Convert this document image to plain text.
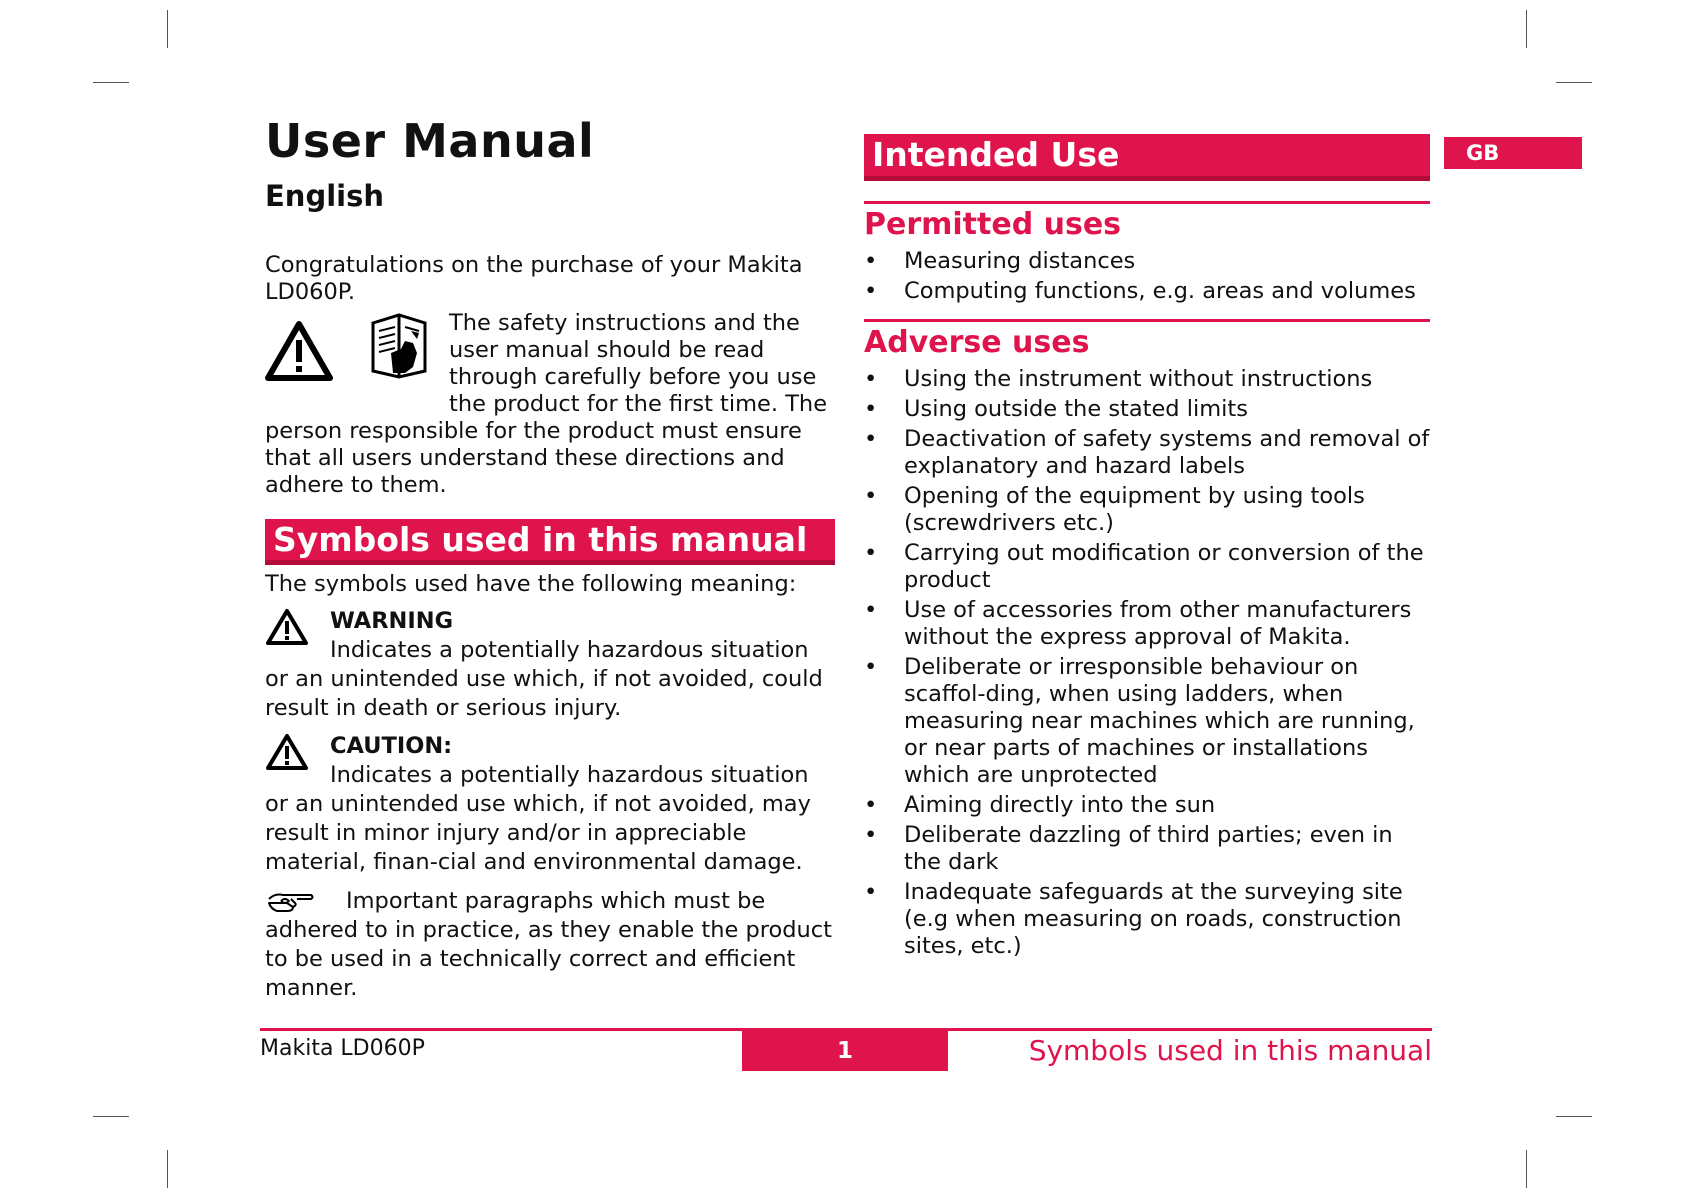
User Manual
English
Congratulations on the purchase of your Makita LD060P.
The safety instructions and the user manual should be read through carefully before you use the product for the first time. The
person responsible for the product must ensure that all users understand these directions and adhere to them.
Symbols used in this manual
The symbols used have the following meaning:
WARNING
Indicates a potentially hazardous situation or an unintended use which, if not avoided, could result in death or serious injury.
CAUTION:
Indicates a potentially hazardous situation or an unintended use which, if not avoided, may result in minor injury and/or in appreciable material, finan-cial and environmental damage.
Important paragraphs which must be adhered to in practice, as they enable the product to be used in a technically correct and efficient manner.
Intended Use
Permitted uses
• Measuring distances
• Computing functions, e.g. areas and volumes
Adverse uses
• Using the instrument without instructions
• Using outside the stated limits
• Deactivation of safety systems and removal of explanatory and hazard labels
• Opening of the equipment by using tools (screwdrivers etc.)
• Carrying out modification or conversion of the product
• Use of accessories from other manufacturers without the express approval of Makita.
• Deliberate or irresponsible behaviour on scaffol-ding, when using ladders, when measuring near machines which are running, or near parts of machines or installations which are unprotected
• Aiming directly into the sun
• Deliberate dazzling of third parties; even in the dark
• Inadequate safeguards at the surveying site (e.g when measuring on roads, construction sites, etc.)
GB
Makita LD060P	1	Symbols used in this manual
